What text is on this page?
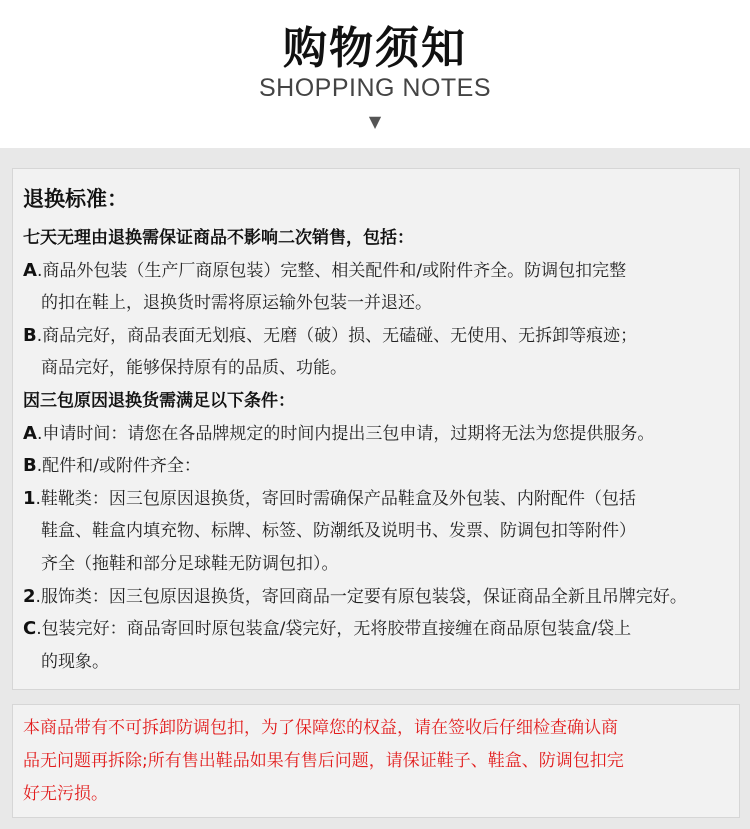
购物须知
SHOPPING NOTES
▼
退换标准：
七天无理由退换需保证商品不影响二次销售，包括：
A.商品外包装（生产厂商原包装）完整、相关配件和/或附件齐全。防调包扣完整
的扣在鞋上，退换货时需将原运输外包装一并退还。
B.商品完好，商品表面无划痕、无磨（破）损、无磕碰、无使用、无拆卸等痕迹；
商品完好，能够保持原有的品质、功能。
因三包原因退换货需满足以下条件：
A.申请时间：请您在各品牌规定的时间内提出三包申请，过期将无法为您提供服务。
B.配件和/或附件齐全：
1.鞋靴类：因三包原因退换货，寄回时需确保产品鞋盒及外包装、内附配件（包括
鞋盒、鞋盒内填充物、标牌、标签、防潮纸及说明书、发票、防调包扣等附件）
齐全（拖鞋和部分足球鞋无防调包扣）。
2.服饰类：因三包原因退换货，寄回商品一定要有原包装袋，保证商品全新且吊牌完好。
C.包装完好：商品寄回时原包装盒/袋完好，无将胶带直接缠在商品原包装盒/袋上
的现象。
本商品带有不可拆卸防调包扣，为了保障您的权益，请在签收后仔细检查确认商
品无问题再拆除;所有售出鞋品如果有售后问题，请保证鞋子、鞋盒、防调包扣完
好无污损。
